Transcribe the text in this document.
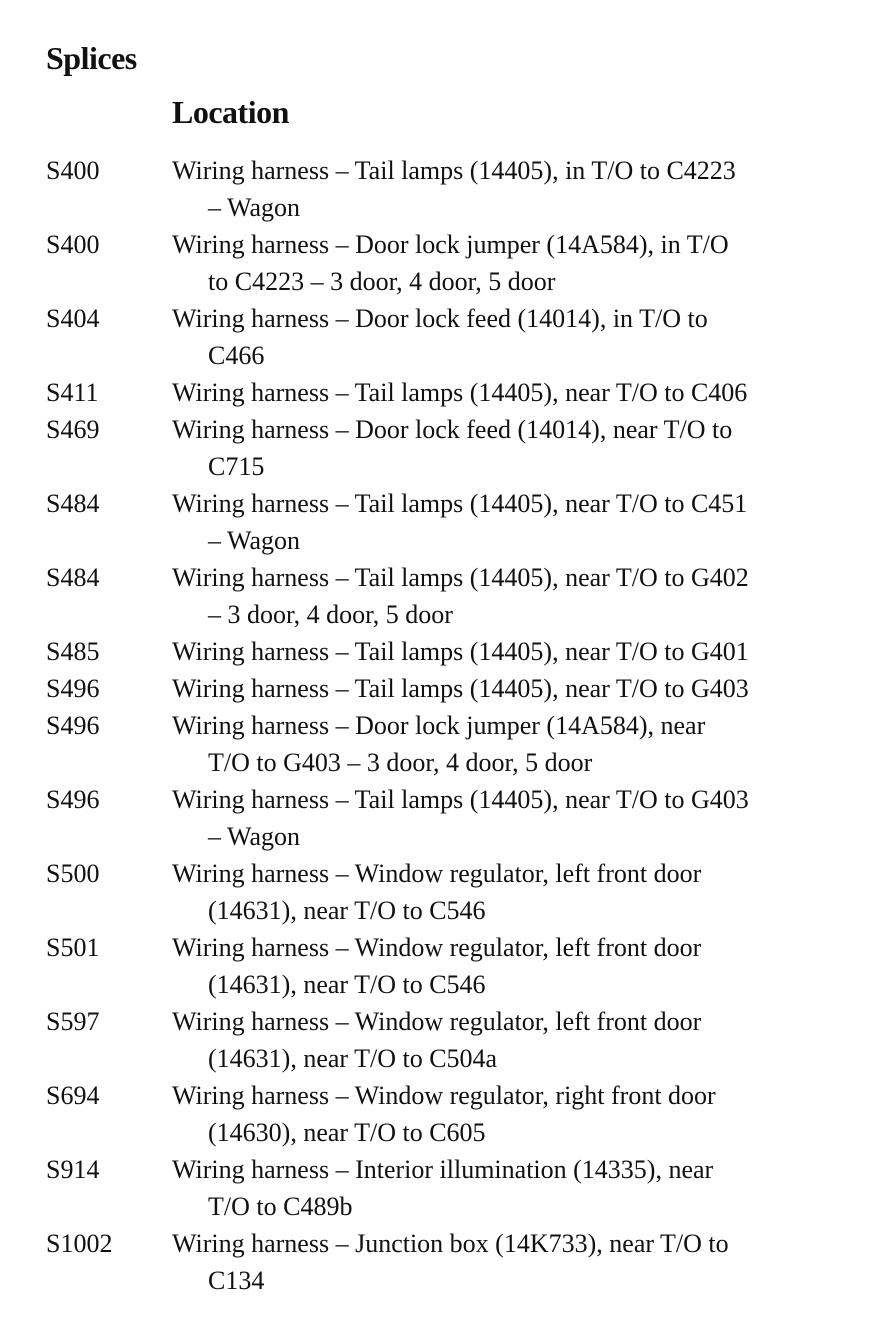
Splices
Location
S400	Wiring harness – Tail lamps (14405), in T/O to C4223
– Wagon
S400	Wiring harness – Door lock jumper (14A584), in T/O
to C4223 – 3 door, 4 door, 5 door
S404	Wiring harness – Door lock feed (14014), in T/O to
C466
S411	Wiring harness – Tail lamps (14405), near T/O to C406
S469	Wiring harness – Door lock feed (14014), near T/O to
C715
S484	Wiring harness – Tail lamps (14405), near T/O to C451
– Wagon
S484	Wiring harness – Tail lamps (14405), near T/O to G402
– 3 door, 4 door, 5 door
S485	Wiring harness – Tail lamps (14405), near T/O to G401
S496	Wiring harness – Tail lamps (14405), near T/O to G403
S496	Wiring harness – Door lock jumper (14A584), near
T/O to G403 – 3 door, 4 door, 5 door
S496	Wiring harness – Tail lamps (14405), near T/O to G403
– Wagon
S500	Wiring harness – Window regulator, left front door
(14631), near T/O to C546
S501	Wiring harness – Window regulator, left front door
(14631), near T/O to C546
S597	Wiring harness – Window regulator, left front door
(14631), near T/O to C504a
S694	Wiring harness – Window regulator, right front door
(14630), near T/O to C605
S914	Wiring harness – Interior illumination (14335), near
T/O to C489b
S1002	Wiring harness – Junction box (14K733), near T/O to
C134
